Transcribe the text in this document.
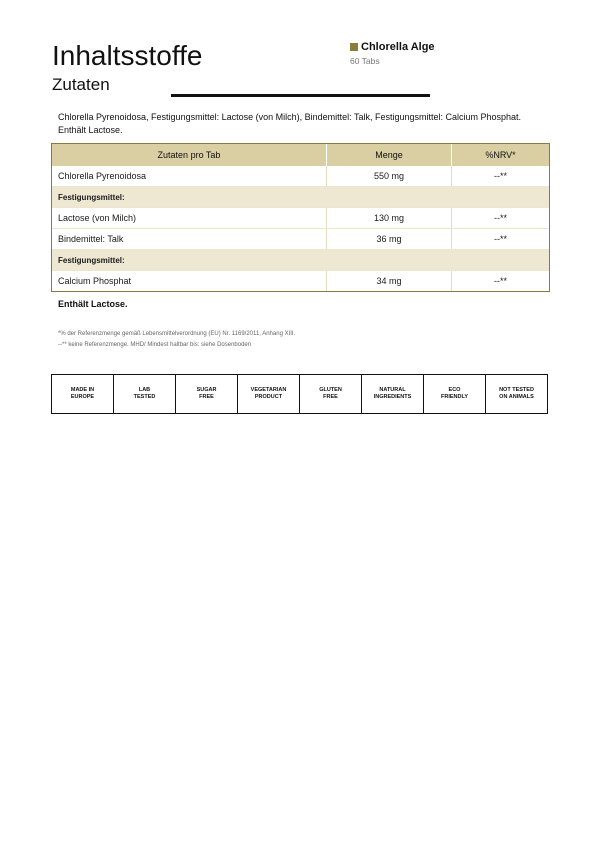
Inhaltsstoffe
Zutaten
Chlorella Alge
60 Tabs
Chlorella Pyrenoidosa, Festigungsmittel: Lactose (von Milch), Bindemittel: Talk, Festigungsmittel: Calcium Phosphat. Enthält Lactose.
Zutaten pro Tab	Menge	%NRV*
Chlorella Pyrenoidosa	550 mg	--**
Festigungsmittel:		
Lactose (von Milch)	130 mg	--**
Bindemittel: Talk	36 mg	--**
Festigungsmittel:		
Calcium Phosphat	34 mg	--**
Enthält Lactose.
*% der Referenzmenge gemäß Lebensmittelverordnung (EU) Nr. 1169/2011, Anhang XIII.
--** keine Referenzmenge. MHD/ Mindest haltbar bis: siehe Dosenboden
MADE IN
EUROPE
LAB
TESTED
SUGAR
FREE
VEGETARIAN
PRODUCT
GLUTEN
FREE
NATURAL
INGREDIENTS
ECO
FRIENDLY
NOT TESTED
ON ANIMALS
